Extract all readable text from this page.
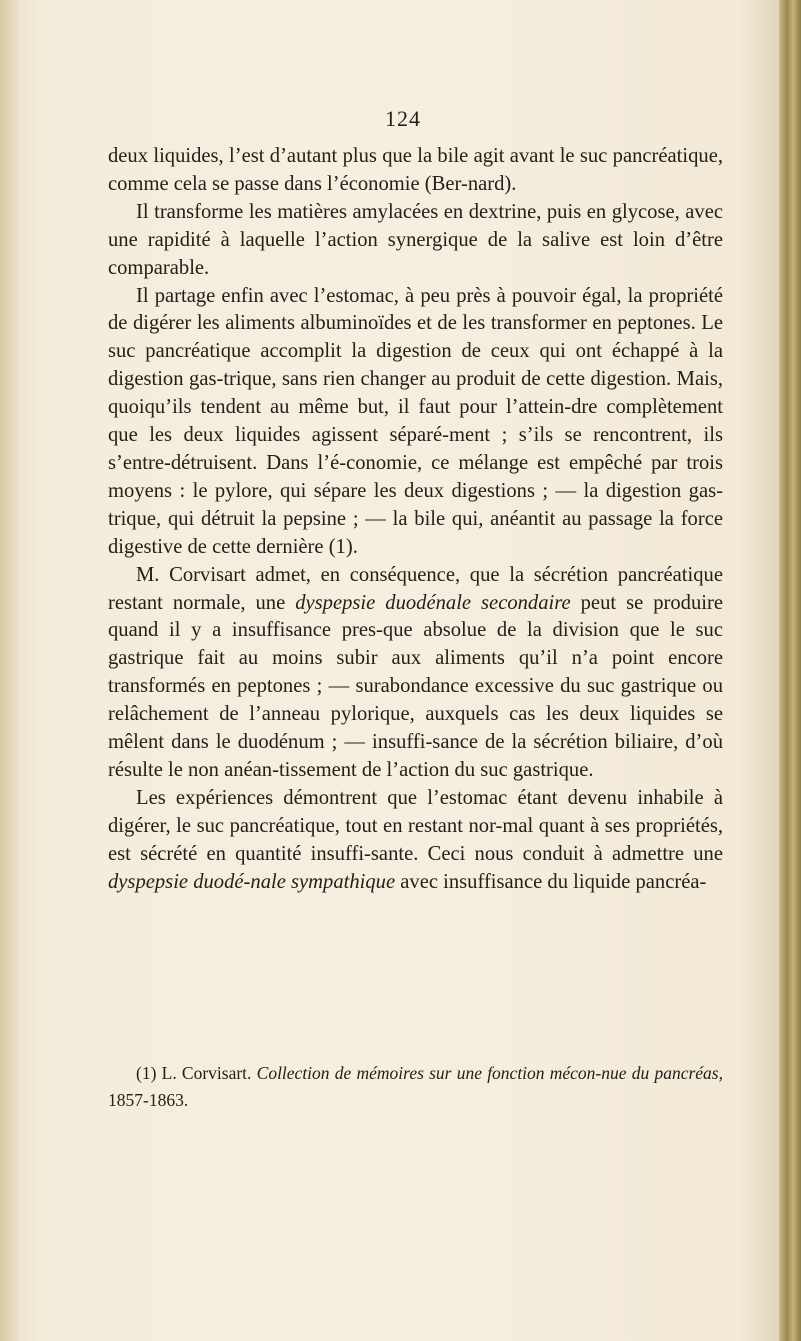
124

deux liquides, l’est d’autant plus que la bile agit avant le suc pancréatique, comme cela se passe dans l’économie (Ber-nard).

Il transforme les matières amylacées en dextrine, puis en glycose, avec une rapidité à laquelle l’action synergique de la salive est loin d’être comparable.

Il partage enfin avec l’estomac, à peu près à pouvoir égal, la propriété de digérer les aliments albuminoïdes et de les transformer en peptones. Le suc pancréatique accomplit la digestion de ceux qui ont échappé à la digestion gas-trique, sans rien changer au produit de cette digestion. Mais, quoiqu’ils tendent au même but, il faut pour l’attein-dre complètement que les deux liquides agissent séparé-ment ; s’ils se rencontrent, ils s’entre-détruisent. Dans l’é-conomie, ce mélange est empêché par trois moyens : le pylore, qui sépare les deux digestions ; — la digestion gas-trique, qui détruit la pepsine ; — la bile qui, anéantit au passage la force digestive de cette dernière (1).

M. Corvisart admet, en conséquence, que la sécrétion pancréatique restant normale, une dyspepsie duodénale secondaire peut se produire quand il y a insuffisance pres-que absolue de la division que le suc gastrique fait au moins subir aux aliments qu’il n’a point encore transformés en peptones ; — surabondance excessive du suc gastrique ou relâchement de l’anneau pylorique, auxquels cas les deux liquides se mêlent dans le duodénum ; — insuffi-sance de la sécrétion biliaire, d’où résulte le non anéan-tissement de l’action du suc gastrique.

Les expériences démontrent que l’estomac étant devenu inhabile à digérer, le suc pancréatique, tout en restant nor-mal quant à ses propriétés, est sécrété en quantité insuffi-sante. Ceci nous conduit à admettre une dyspepsie duodé-nale sympathique avec insuffisance du liquide pancréa-

(1) L. Corvisart. Collection de mémoires sur une fonction mécon-nue du pancréas, 1857-1863.
